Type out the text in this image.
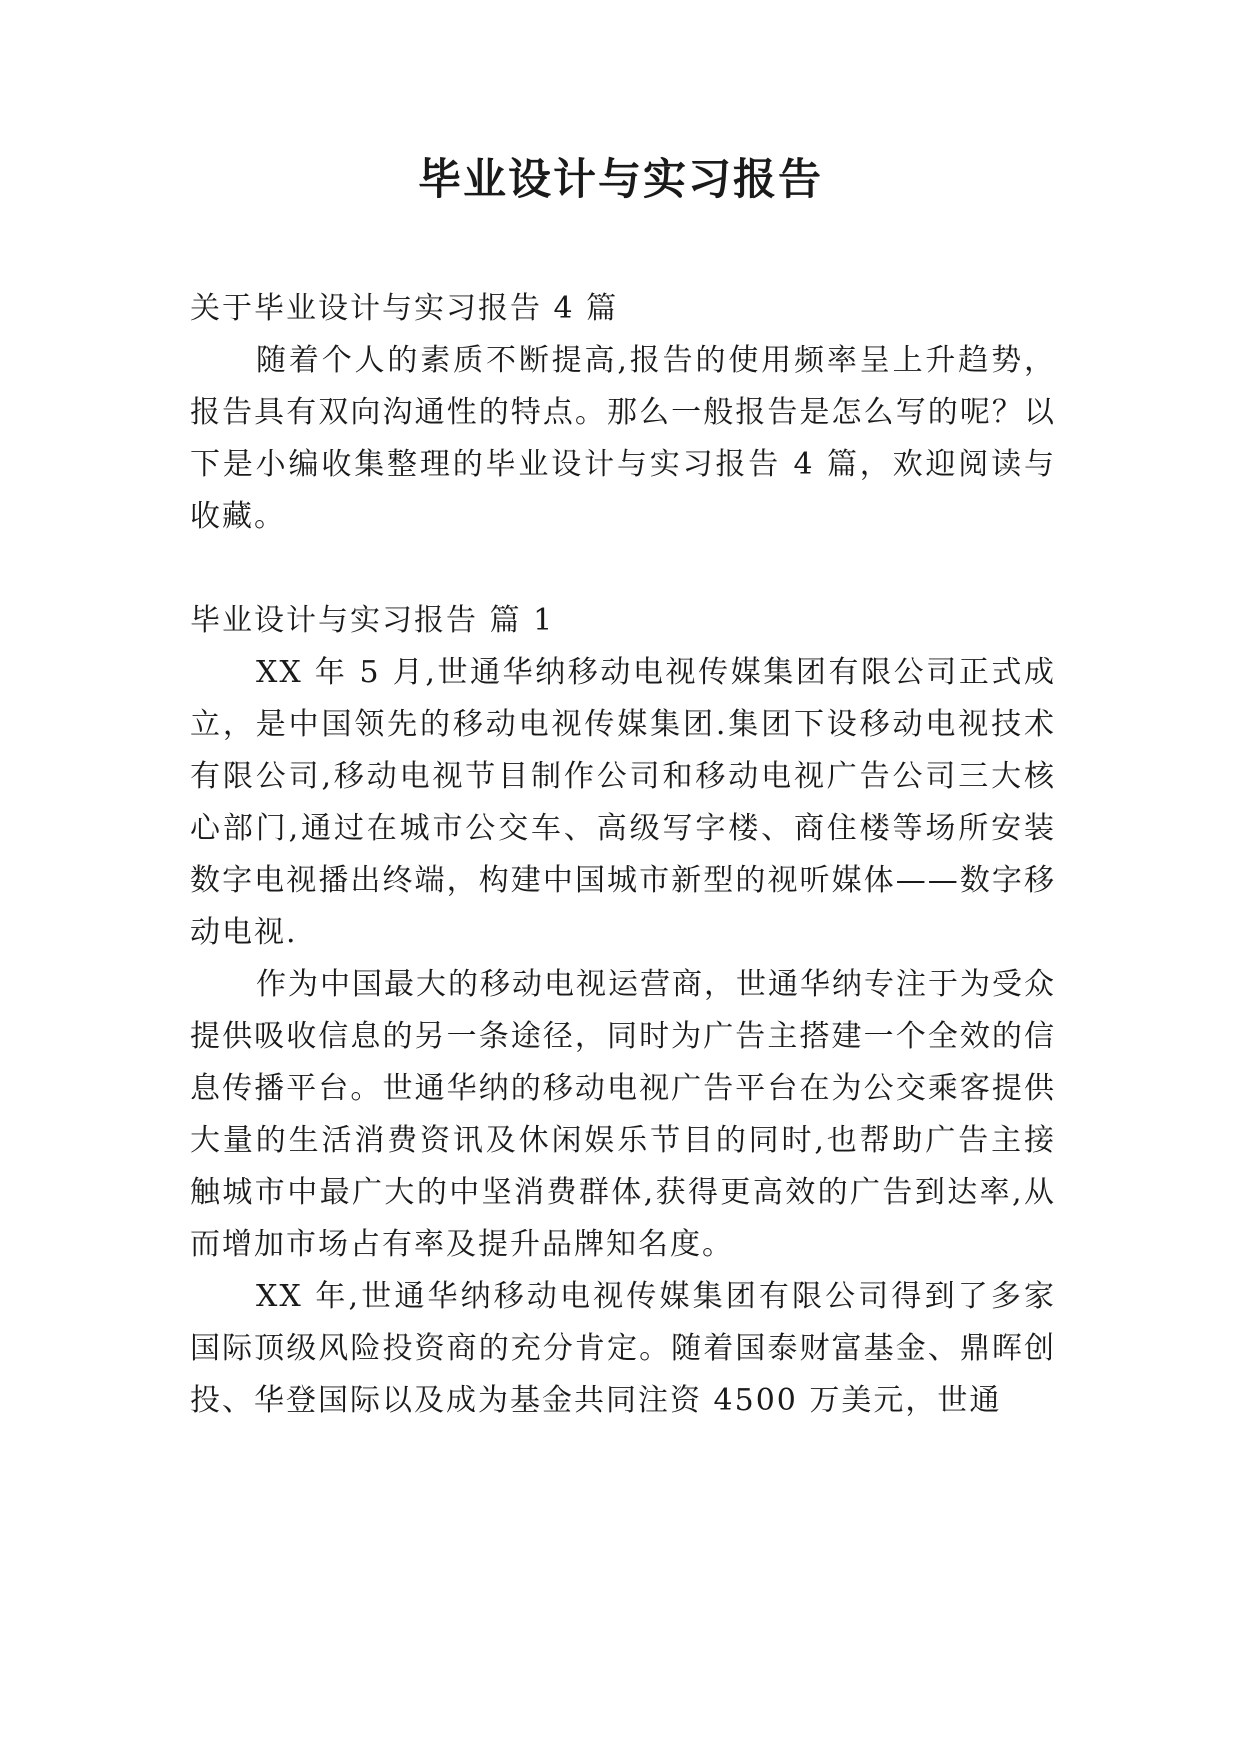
毕业设计与实习报告

关于毕业设计与实习报告 4 篇

随着个人的素质不断提高,报告的使用频率呈上升趋势，报告具有双向沟通性的特点。那么一般报告是怎么写的呢？以下是小编收集整理的毕业设计与实习报告 4 篇，欢迎阅读与收藏。

毕业设计与实习报告 篇 1

XX 年 5 月,世通华纳移动电视传媒集团有限公司正式成立，是中国领先的移动电视传媒集团.集团下设移动电视技术有限公司,移动电视节目制作公司和移动电视广告公司三大核心部门,通过在城市公交车、高级写字楼、商住楼等场所安装数字电视播出终端，构建中国城市新型的视听媒体——数字移动电视.

作为中国最大的移动电视运营商，世通华纳专注于为受众提供吸收信息的另一条途径，同时为广告主搭建一个全效的信息传播平台。世通华纳的移动电视广告平台在为公交乘客提供大量的生活消费资讯及休闲娱乐节目的同时,也帮助广告主接触城市中最广大的中坚消费群体,获得更高效的广告到达率,从而增加市场占有率及提升品牌知名度。

XX 年,世通华纳移动电视传媒集团有限公司得到了多家国际顶级风险投资商的充分肯定。随着国泰财富基金、鼎晖创投、华登国际以及成为基金共同注资 4500 万美元，世通
